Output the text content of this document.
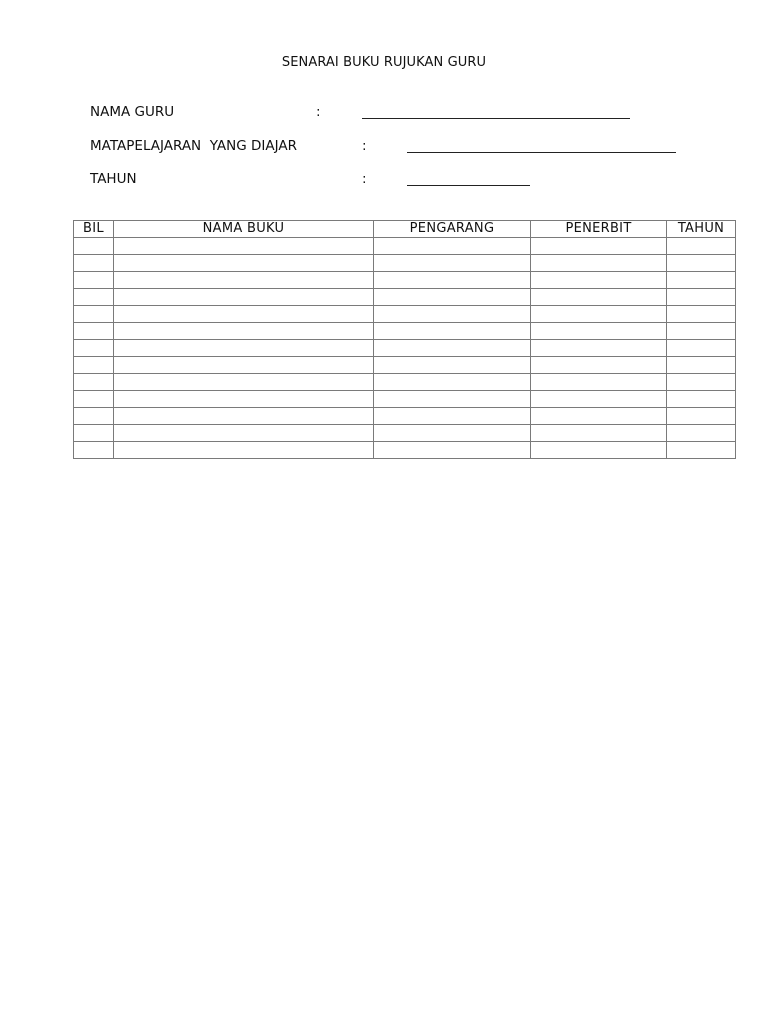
SENARAI BUKU RUJUKAN GURU
NAMA GURU	:
MATAPELAJARAN  YANG DIAJAR	:
TAHUN	:
BIL	NAMA BUKU	PENGARANG	PENERBIT	TAHUN
